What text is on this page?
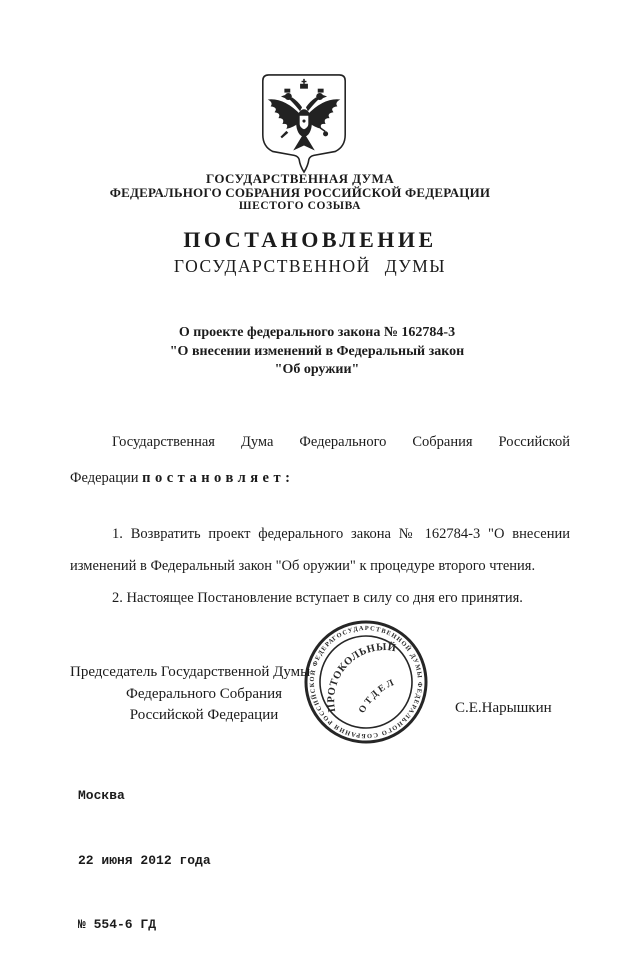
ГОСУДАРСТВЕННАЯ ДУМА
ФЕДЕРАЛЬНОГО СОБРАНИЯ РОССИЙСКОЙ ФЕДЕРАЦИИ
ШЕСТОГО СОЗЫВА
ПОСТАНОВЛЕНИЕ
ГОСУДАРСТВЕННОЙ ДУМЫ
О проекте федерального закона № 162784-3
"О внесении изменений в Федеральный закон
"Об оружии"
Государственная Дума Федерального Собрания Российской
Федерации постановляет:
1. Возвратить проект федерального закона № 162784-3 "О внесении
изменений в Федеральный закон "Об оружии" к процедуре второго чтения.
2. Настоящее Постановление вступает в силу со дня его принятия.
Председатель Государственной Думы
Федерального Собрания
Российской Федерации	С.Е.Нарышкин
ГОСУДАРСТВЕННОЙ ДУМЫ ФЕДЕРАЛЬНОГО СОБРАНИЯ РОССИЙСКОЙ ФЕДЕРАЦИИ • АППАРАТ
ПРОТОКОЛЬНЫЙ
ОТДЕЛ

Москва

22 июня 2012 года

№ 554-6 ГД
